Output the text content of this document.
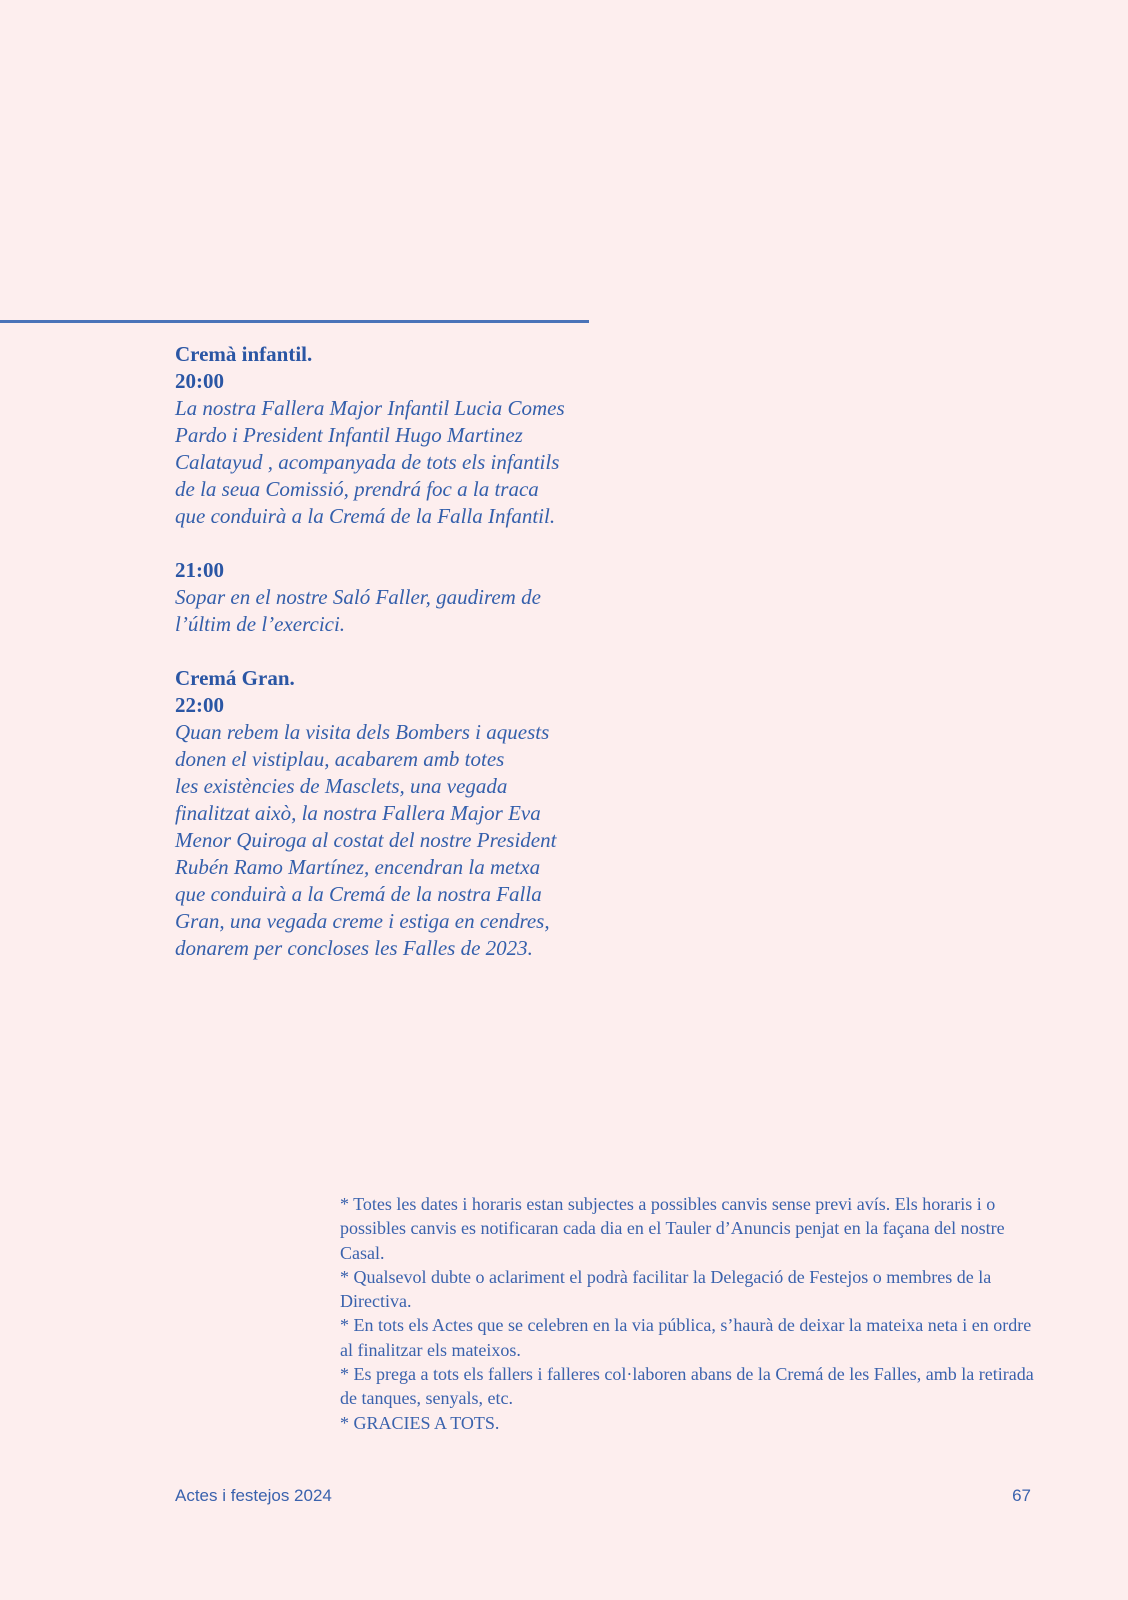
Cremà infantil.
20:00
La nostra Fallera Major Infantil Lucia Comes
Pardo i President Infantil Hugo Martinez
Calatayud , acompanyada de tots els infantils
de la seua Comissió, prendrá foc a la traca
que conduirà a la Cremá de la Falla Infantil.
21:00
Sopar en el nostre Saló Faller, gaudirem de
l’últim de l’exercici.
Cremá Gran.
22:00
Quan rebem la visita dels Bombers i aquests
donen el vistiplau, acabarem amb totes
les existències de Masclets, una vegada
finalitzat això, la nostra Fallera Major Eva
Menor Quiroga al costat del nostre President
Rubén Ramo Martínez, encendran la metxa
que conduirà a la Cremá de la nostra Falla
Gran, una vegada creme i estiga en cendres,
donarem per concloses les Falles de 2023.

* Totes les dates i horaris estan subjectes a possibles canvis sense previ avís. Els horaris i o possibles canvis es notificaran cada dia en el Tauler d’Anuncis penjat en la façana del nostre Casal.

* Qualsevol dubte o aclariment el podrà facilitar la Delegació de Festejos o membres de la Directiva.

* En tots els Actes que se celebren en la via pública, s’haurà de deixar la mateixa neta i en ordre al finalitzar els mateixos.

* Es prega a tots els fallers i falleres col·laboren abans de la Cremá de les Falles, amb la retirada de tanques, senyals, etc.

* GRACIES A TOTS.

Actes i festejos 2024	67
